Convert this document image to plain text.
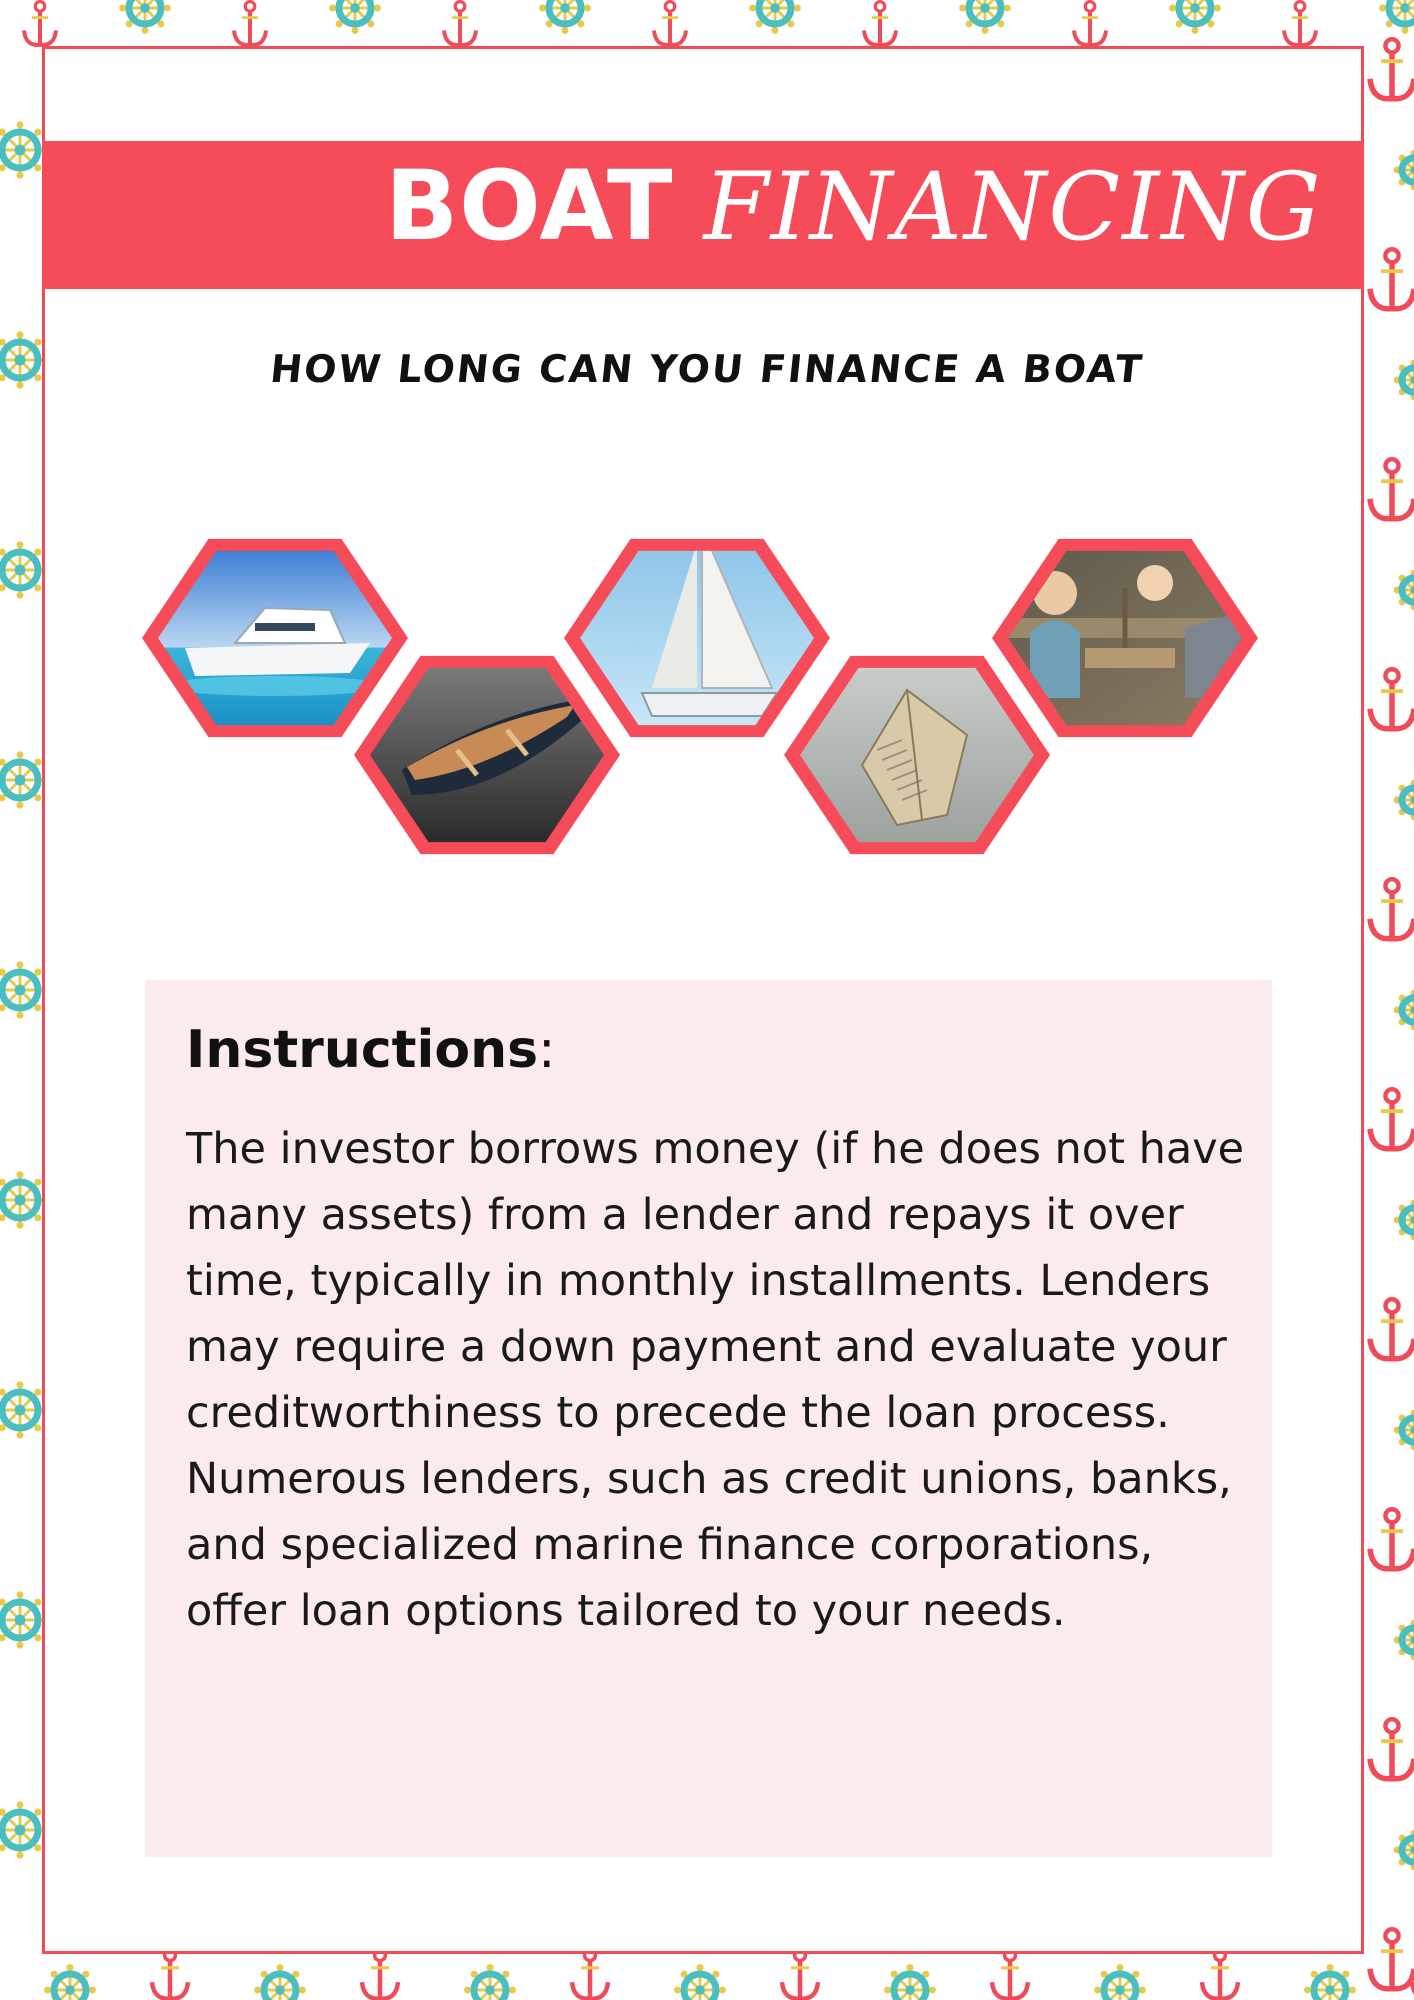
BOAT FINANCING
HOW LONG CAN YOU FINANCE A BOAT
Instructions:
The investor borrows money (if he does not have many assets) from a lender and repays it over time, typically in monthly installments. Lenders may require a down payment and evaluate your creditworthiness to precede the loan process. Numerous lenders, such as credit unions, banks, and specialized marine finance corporations, offer loan options tailored to your needs.
